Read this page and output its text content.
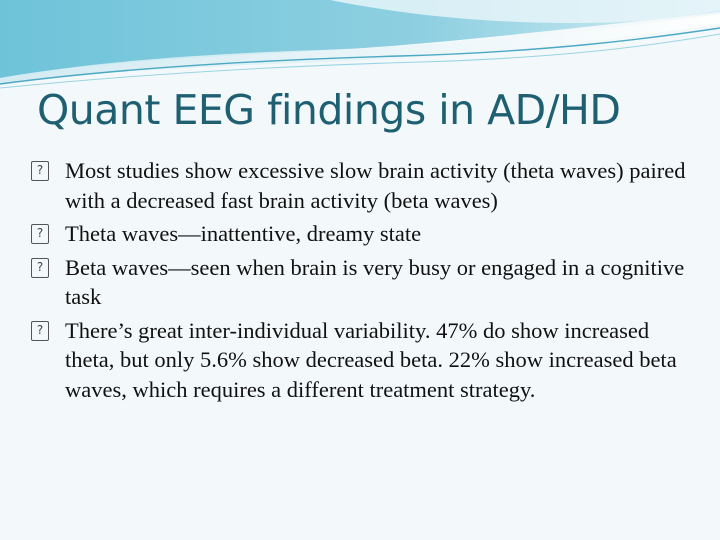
Quant EEG findings in AD/HD
? Most studies show excessive slow brain activity (theta waves) paired with a decreased fast brain activity (beta waves)
? Theta waves—inattentive, dreamy state
? Beta waves—seen when brain is very busy or engaged in a cognitive task
? There’s great inter-individual variability. 47% do show increased theta, but only 5.6% show decreased beta. 22% show increased beta waves, which requires a different treatment strategy.
